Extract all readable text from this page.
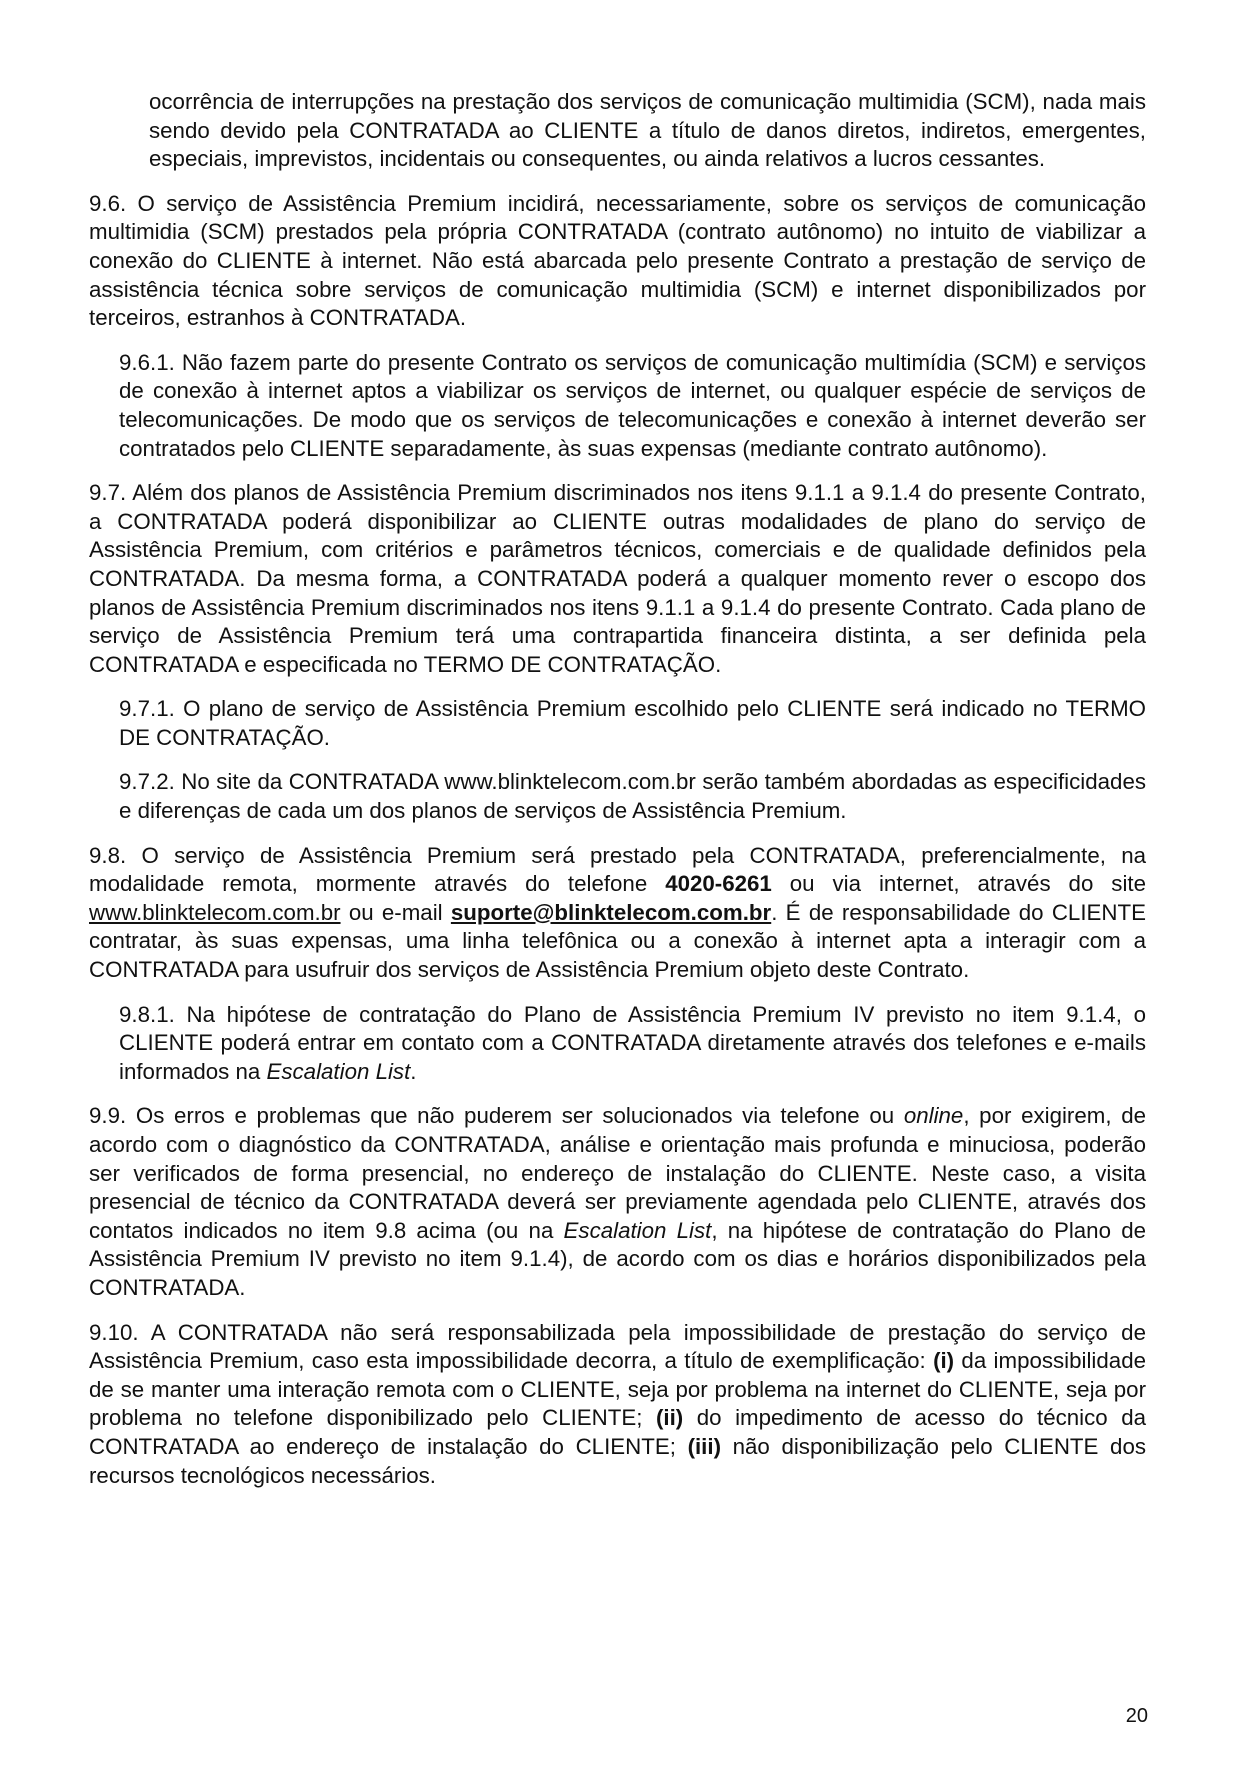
ocorrência de interrupções na prestação dos serviços de comunicação multimidia (SCM), nada mais sendo devido pela CONTRATADA ao CLIENTE a título de danos diretos, indiretos, emergentes, especiais, imprevistos, incidentais ou consequentes, ou ainda relativos a lucros cessantes.

9.6. O serviço de Assistência Premium incidirá, necessariamente, sobre os serviços de comunicação multimidia (SCM) prestados pela própria CONTRATADA (contrato autônomo) no intuito de viabilizar a conexão do CLIENTE à internet. Não está abarcada pelo presente Contrato a prestação de serviço de assistência técnica sobre serviços de comunicação multimidia (SCM) e internet disponibilizados por terceiros, estranhos à CONTRATADA.

9.6.1. Não fazem parte do presente Contrato os serviços de comunicação multimídia (SCM) e serviços de conexão à internet aptos a viabilizar os serviços de internet, ou qualquer espécie de serviços de telecomunicações. De modo que os serviços de telecomunicações e conexão à internet deverão ser contratados pelo CLIENTE separadamente, às suas expensas (mediante contrato autônomo).

9.7. Além dos planos de Assistência Premium discriminados nos itens 9.1.1 a 9.1.4 do presente Contrato, a CONTRATADA poderá disponibilizar ao CLIENTE outras modalidades de plano do serviço de Assistência Premium, com critérios e parâmetros técnicos, comerciais e de qualidade definidos pela CONTRATADA. Da mesma forma, a CONTRATADA poderá a qualquer momento rever o escopo dos planos de Assistência Premium discriminados nos itens 9.1.1 a 9.1.4 do presente Contrato. Cada plano de serviço de Assistência Premium terá uma contrapartida financeira distinta, a ser definida pela CONTRATADA e especificada no TERMO DE CONTRATAÇÃO.

9.7.1. O plano de serviço de Assistência Premium escolhido pelo CLIENTE será indicado no TERMO DE CONTRATAÇÃO.

9.7.2. No site da CONTRATADA www.blinktelecom.com.br serão também abordadas as especificidades e diferenças de cada um dos planos de serviços de Assistência Premium.

9.8. O serviço de Assistência Premium será prestado pela CONTRATADA, preferencialmente, na modalidade remota, mormente através do telefone 4020-6261 ou via internet, através do site www.blinktelecom.com.br ou e-mail suporte@blinktelecom.com.br. É de responsabilidade do CLIENTE contratar, às suas expensas, uma linha telefônica ou a conexão à internet apta a interagir com a CONTRATADA para usufruir dos serviços de Assistência Premium objeto deste Contrato.

9.8.1. Na hipótese de contratação do Plano de Assistência Premium IV previsto no item 9.1.4, o CLIENTE poderá entrar em contato com a CONTRATADA diretamente através dos telefones e e-mails informados na Escalation List.

9.9. Os erros e problemas que não puderem ser solucionados via telefone ou online, por exigirem, de acordo com o diagnóstico da CONTRATADA, análise e orientação mais profunda e minuciosa, poderão ser verificados de forma presencial, no endereço de instalação do CLIENTE. Neste caso, a visita presencial de técnico da CONTRATADA deverá ser previamente agendada pelo CLIENTE, através dos contatos indicados no item 9.8 acima (ou na Escalation List, na hipótese de contratação do Plano de Assistência Premium IV previsto no item 9.1.4), de acordo com os dias e horários disponibilizados pela CONTRATADA.

9.10. A CONTRATADA não será responsabilizada pela impossibilidade de prestação do serviço de Assistência Premium, caso esta impossibilidade decorra, a título de exemplificação: (i) da impossibilidade de se manter uma interação remota com o CLIENTE, seja por problema na internet do CLIENTE, seja por problema no telefone disponibilizado pelo CLIENTE; (ii) do impedimento de acesso do técnico da CONTRATADA ao endereço de instalação do CLIENTE; (iii) não disponibilização pelo CLIENTE dos recursos tecnológicos necessários.

20
